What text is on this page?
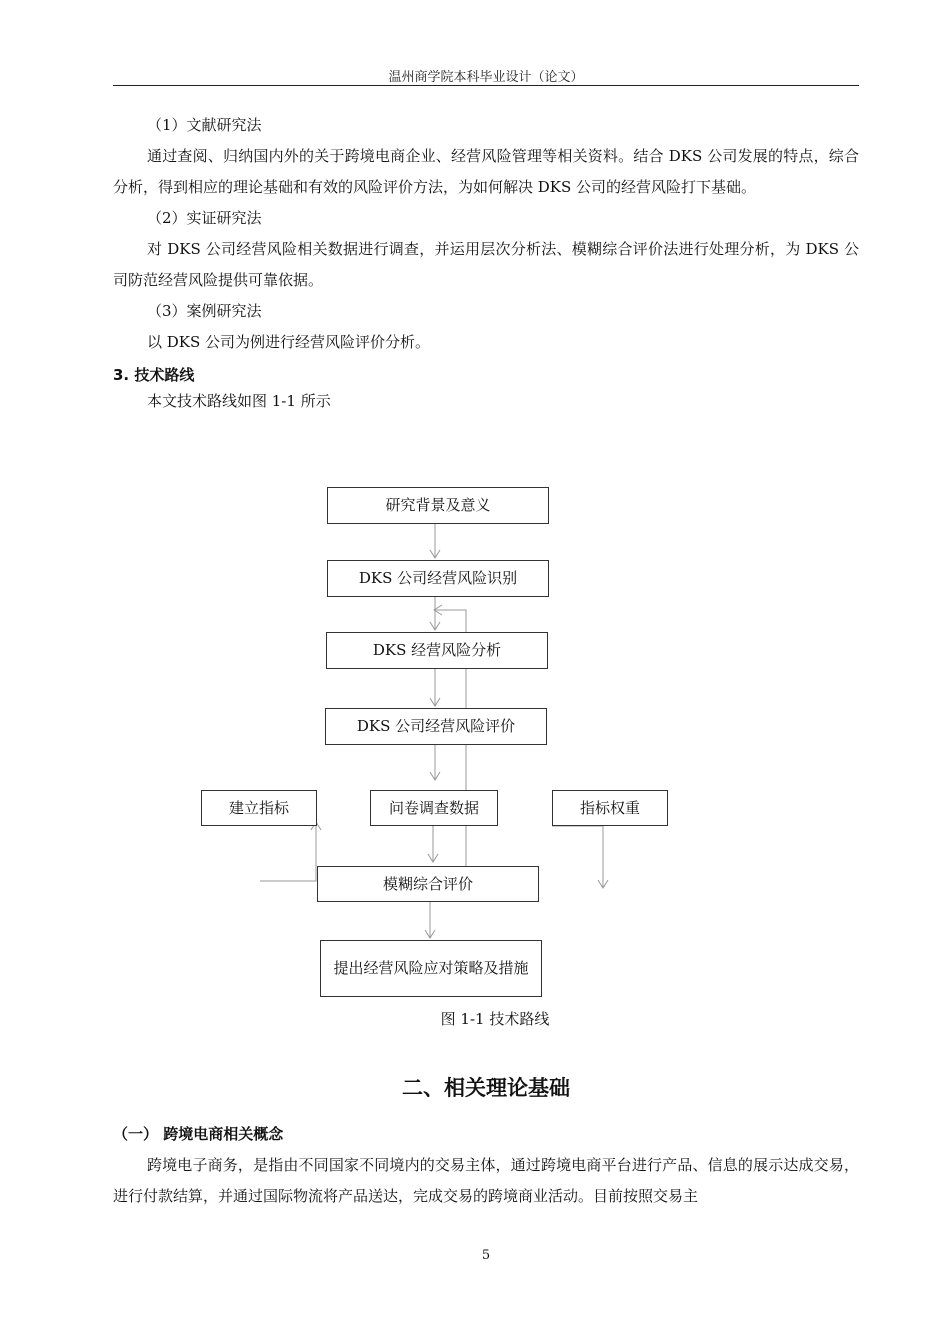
温州商学院本科毕业设计（论文）

（1）文献研究法

通过查阅、归纳国内外的关于跨境电商企业、经营风险管理等相关资料。结合 DKS 公司发展的特点，综合分析，得到相应的理论基础和有效的风险评价方法，为如何解决 DKS 公司的经营风险打下基础。

（2）实证研究法

对 DKS 公司经营风险相关数据进行调查，并运用层次分析法、模糊综合评价法进行处理分析，为 DKS 公司防范经营风险提供可靠依据。

（3）案例研究法

以 DKS 公司为例进行经营风险评价分析。

3. 技术路线

本文技术路线如图 1-1 所示

研究背景及意义
DKS 公司经营风险识别
DKS 经营风险分析
DKS 公司经营风险评价
建立指标	问卷调查数据	指标权重
模糊综合评价
提出经营风险应对策略及措施
图 1-1 技术路线
二、相关理论基础

（一） 跨境电商相关概念

跨境电子商务，是指由不同国家不同境内的交易主体，通过跨境电商平台进行产品、信息的展示达成交易，进行付款结算，并通过国际物流将产品送达，完成交易的跨境商业活动。目前按照交易主

5
